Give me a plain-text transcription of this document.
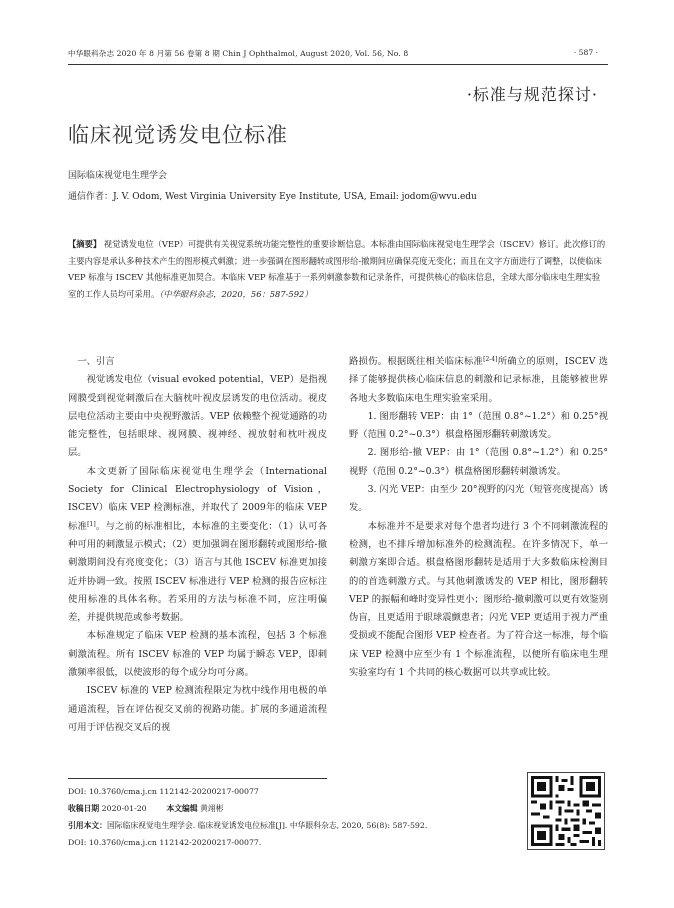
中华眼科杂志 2020 年 8 月第 56 卷第 8 期 Chin J Ophthalmol, August 2020, Vol. 56, No. 8	· 587 ·
·标准与规范探讨·
临床视觉诱发电位标准
国际临床视觉电生理学会
通信作者：J. V. Odom, West Virginia University Eye Institute, USA, Email: jodom@wvu.edu
【摘要】 视觉诱发电位（VEP）可提供有关视觉系统功能完整性的重要诊断信息。本标准由国际临床视觉电生理学会（ISCEV）修订。此次修订的主要内容是承认多种技术产生的图形模式刺激；进一步强调在图形翻转或图形给-撤期间应确保亮度无变化；而且在文字方面进行了调整，以使临床 VEP 标准与 ISCEV 其他标准更加契合。本临床 VEP 标准基于一系列刺激参数和记录条件，可提供核心的临床信息，全球大部分临床电生理实验室的工作人员均可采用。（中华眼科杂志，2020，56：587-592）

一、引言

视觉诱发电位（visual evoked potential，VEP）是指视网膜受到视觉刺激后在大脑枕叶视皮层诱发的电位活动。视皮层电位活动主要由中央视野激活。VEP 依赖整个视觉通路的功能完整性，包括眼球、视网膜、视神经、视放射和枕叶视皮层。

本文更新了国际临床视觉电生理学会（International Society for Clinical Electrophysiology of Vision，ISCEV）临床 VEP 检测标准，并取代了 2009年的临床 VEP 标准[1]。与之前的标准相比，本标准的主要变化：（1）认可各种可用的刺激显示模式；（2）更加强调在图形翻转或图形给-撤刺激期间没有亮度变化；（3）语言与其他 ISCEV 标准更加接近并协调一致。按照 ISCEV 标准进行 VEP 检测的报告应标注使用标准的具体名称。若采用的方法与标准不同，应注明偏差，并提供规范或参考数据。

本标准规定了临床 VEP 检测的基本流程，包括 3 个标准刺激流程。所有 ISCEV 标准的 VEP 均属于瞬态 VEP，即刺激频率很低，以使波形的每个成分均可分离。

ISCEV 标准的 VEP 检测流程限定为枕中线作用电极的单通道流程，旨在评估视交叉前的视路功能。扩展的多通道流程可用于评估视交叉后的视

路损伤。根据既往相关临床标准[2-4]所确立的原则，ISCEV 选择了能够提供核心临床信息的刺激和记录标准，且能够被世界各地大多数临床电生理实验室采用。

1. 图形翻转 VEP：由 1°（范围 0.8°~1.2°）和 0.25°视野（范围 0.2°~0.3°）棋盘格图形翻转刺激诱发。

2. 图形给-撤 VEP：由 1°（范围 0.8°~1.2°）和 0.25°视野（范围 0.2°~0.3°）棋盘格图形翻转刺激诱发。

3. 闪光 VEP：由至少 20°视野的闪光（短管亮度提高）诱发。

本标准并不是要求对每个患者均进行 3 个不同刺激流程的检测，也不排斥增加标准外的检测流程。在许多情况下，单一刺激方案即合适。棋盘格图形翻转是适用于大多数临床检测目的的首选刺激方式。与其他刺激诱发的 VEP 相比，图形翻转 VEP 的振幅和峰时变异性更小；图形给-撤刺激可以更有效鉴别伪盲，且更适用于眼球震颤患者；闪光 VEP 更适用于视力严重受损或不能配合图形 VEP 检查者。为了符合这一标准，每个临床 VEP 检测中应至少有 1 个标准流程，以便所有临床电生理实验室均有 1 个共同的核心数据可以共享或比较。

DOI: 10.3760/cma.j.cn 112142-20200217-00077
收稿日期 2020-01-20	本文编辑 黄翊彬
引用本文：国际临床视觉电生理学会. 临床视觉诱发电位标准[J]. 中华眼科杂志, 2020, 56(8): 587-592.
DOI: 10.3760/cma.j.cn 112142-20200217-00077.
